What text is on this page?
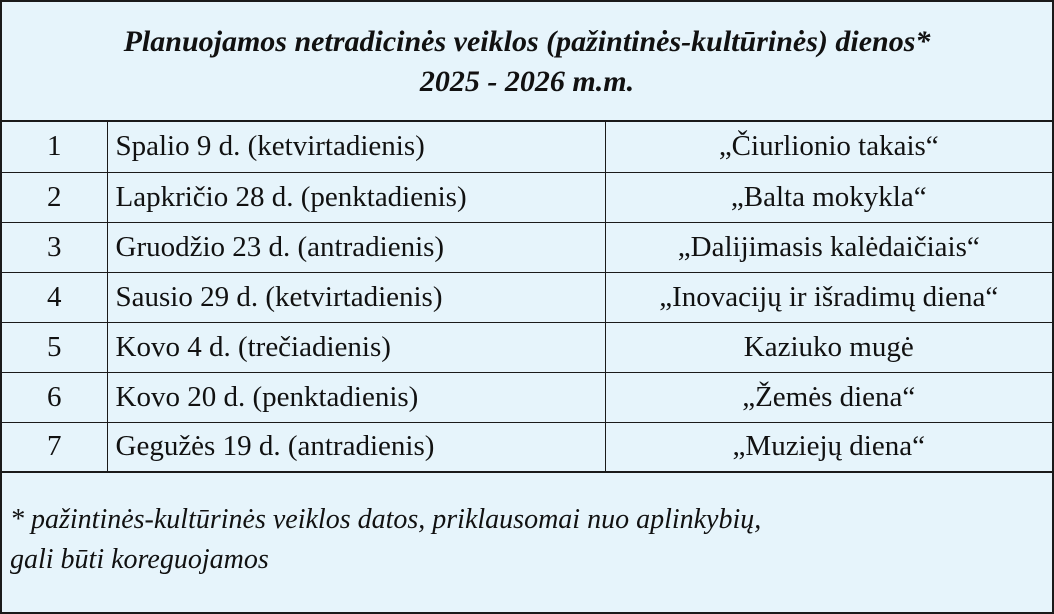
Planuojamos netradicinės veiklos (pažintinės-kultūrinės) dienos*
2025 - 2026 m.m.
1	Spalio 9 d. (ketvirtadienis)	„Čiurlionio takais“
2	Lapkričio 28 d. (penktadienis)	„Balta mokykla“
3	Gruodžio 23 d. (antradienis)	„Dalijimasis kalėdaičiais“
4	Sausio 29 d. (ketvirtadienis)	„Inovacijų ir išradimų diena“
5	Kovo 4 d. (trečiadienis)	Kaziuko mugė
6	Kovo 20 d. (penktadienis)	„Žemės diena“
7	Gegužės 19 d. (antradienis)	„Muziejų diena“
* pažintinės-kultūrinės veiklos datos, priklausomai nuo aplinkybių,
gali būti koreguojamos
